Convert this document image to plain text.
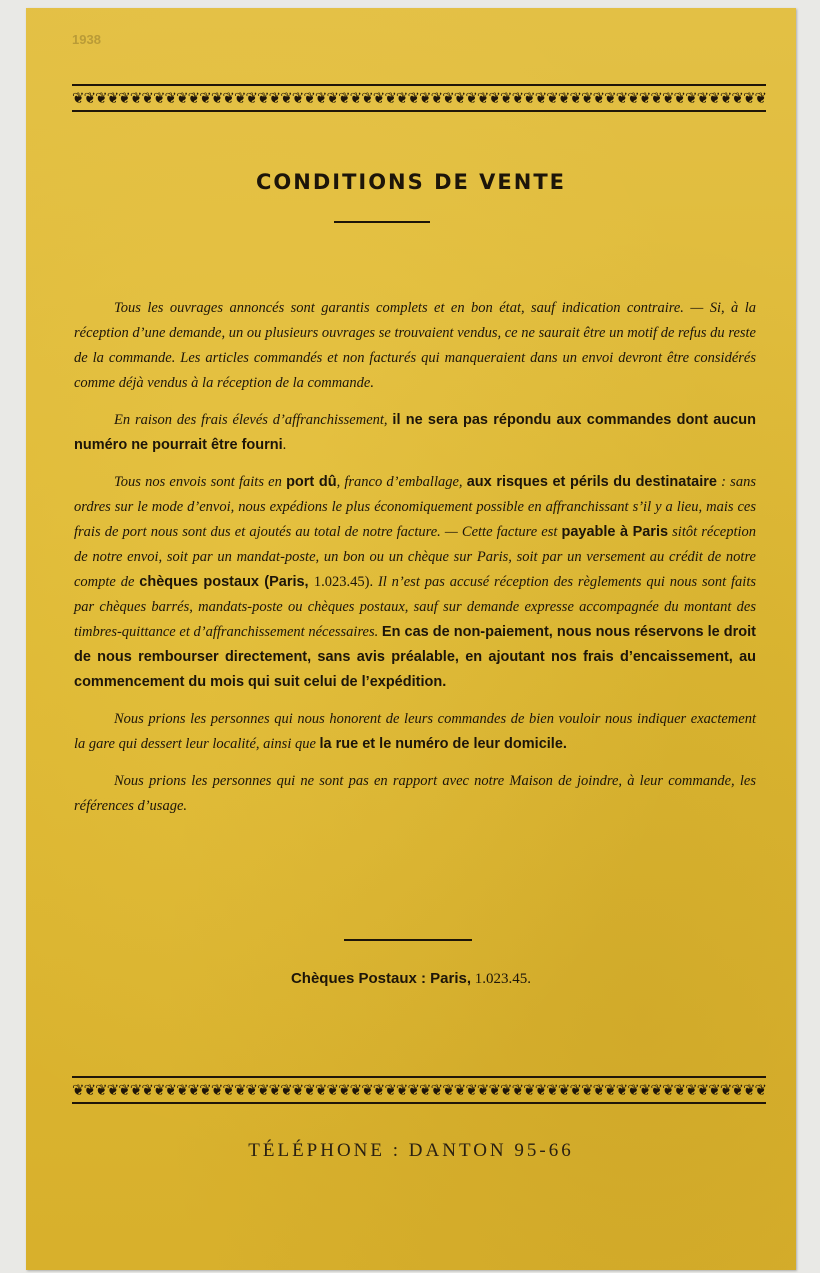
1938
❦❦❦❦❦❦❦❦❦❦❦❦❦❦❦❦❦❦❦❦❦❦❦❦❦❦❦❦❦❦❦❦❦❦❦❦❦❦❦❦❦❦❦❦❦❦❦❦❦❦❦❦❦❦❦❦❦❦❦❦
CONDITIONS DE VENTE

Tous les ouvrages annoncés sont garantis complets et en bon état, sauf indication contraire. — Si, à la réception d’une demande, un ou plusieurs ouvrages se trouvaient vendus, ce ne saurait être un motif de refus du reste de la commande. Les articles commandés et non facturés qui manqueraient dans un envoi devront être considérés comme déjà vendus à la réception de la commande.

En raison des frais élevés d’affranchissement, il ne sera pas répondu aux commandes dont aucun numéro ne pourrait être fourni.

Tous nos envois sont faits en port dû, franco d’emballage, aux risques et périls du destinataire : sans ordres sur le mode d’envoi, nous expédions le plus économiquement possible en affranchissant s’il y a lieu, mais ces frais de port nous sont dus et ajoutés au total de notre facture. — Cette facture est payable à Paris sitôt réception de notre envoi, soit par un mandat-poste, un bon ou un chèque sur Paris, soit par un versement au crédit de notre compte de chèques postaux (Paris, 1.023.45). Il n’est pas accusé réception des règlements qui nous sont faits par chèques barrés, mandats-poste ou chèques postaux, sauf sur demande expresse accompagnée du montant des timbres-quittance et d’affranchissement nécessaires. En cas de non-paiement, nous nous réservons le droit de nous rembourser directement, sans avis préalable, en ajoutant nos frais d’encaissement, au commencement du mois qui suit celui de l’expédition.

Nous prions les personnes qui nous honorent de leurs commandes de bien vouloir nous indiquer exactement la gare qui dessert leur localité, ainsi que la rue et le numéro de leur domicile.

Nous prions les personnes qui ne sont pas en rapport avec notre Maison de joindre, à leur commande, les références d’usage.

Chèques Postaux : Paris, 1.023.45.
❦❦❦❦❦❦❦❦❦❦❦❦❦❦❦❦❦❦❦❦❦❦❦❦❦❦❦❦❦❦❦❦❦❦❦❦❦❦❦❦❦❦❦❦❦❦❦❦❦❦❦❦❦❦❦❦❦❦❦❦
TÉLÉPHONE : DANTON 95-66
